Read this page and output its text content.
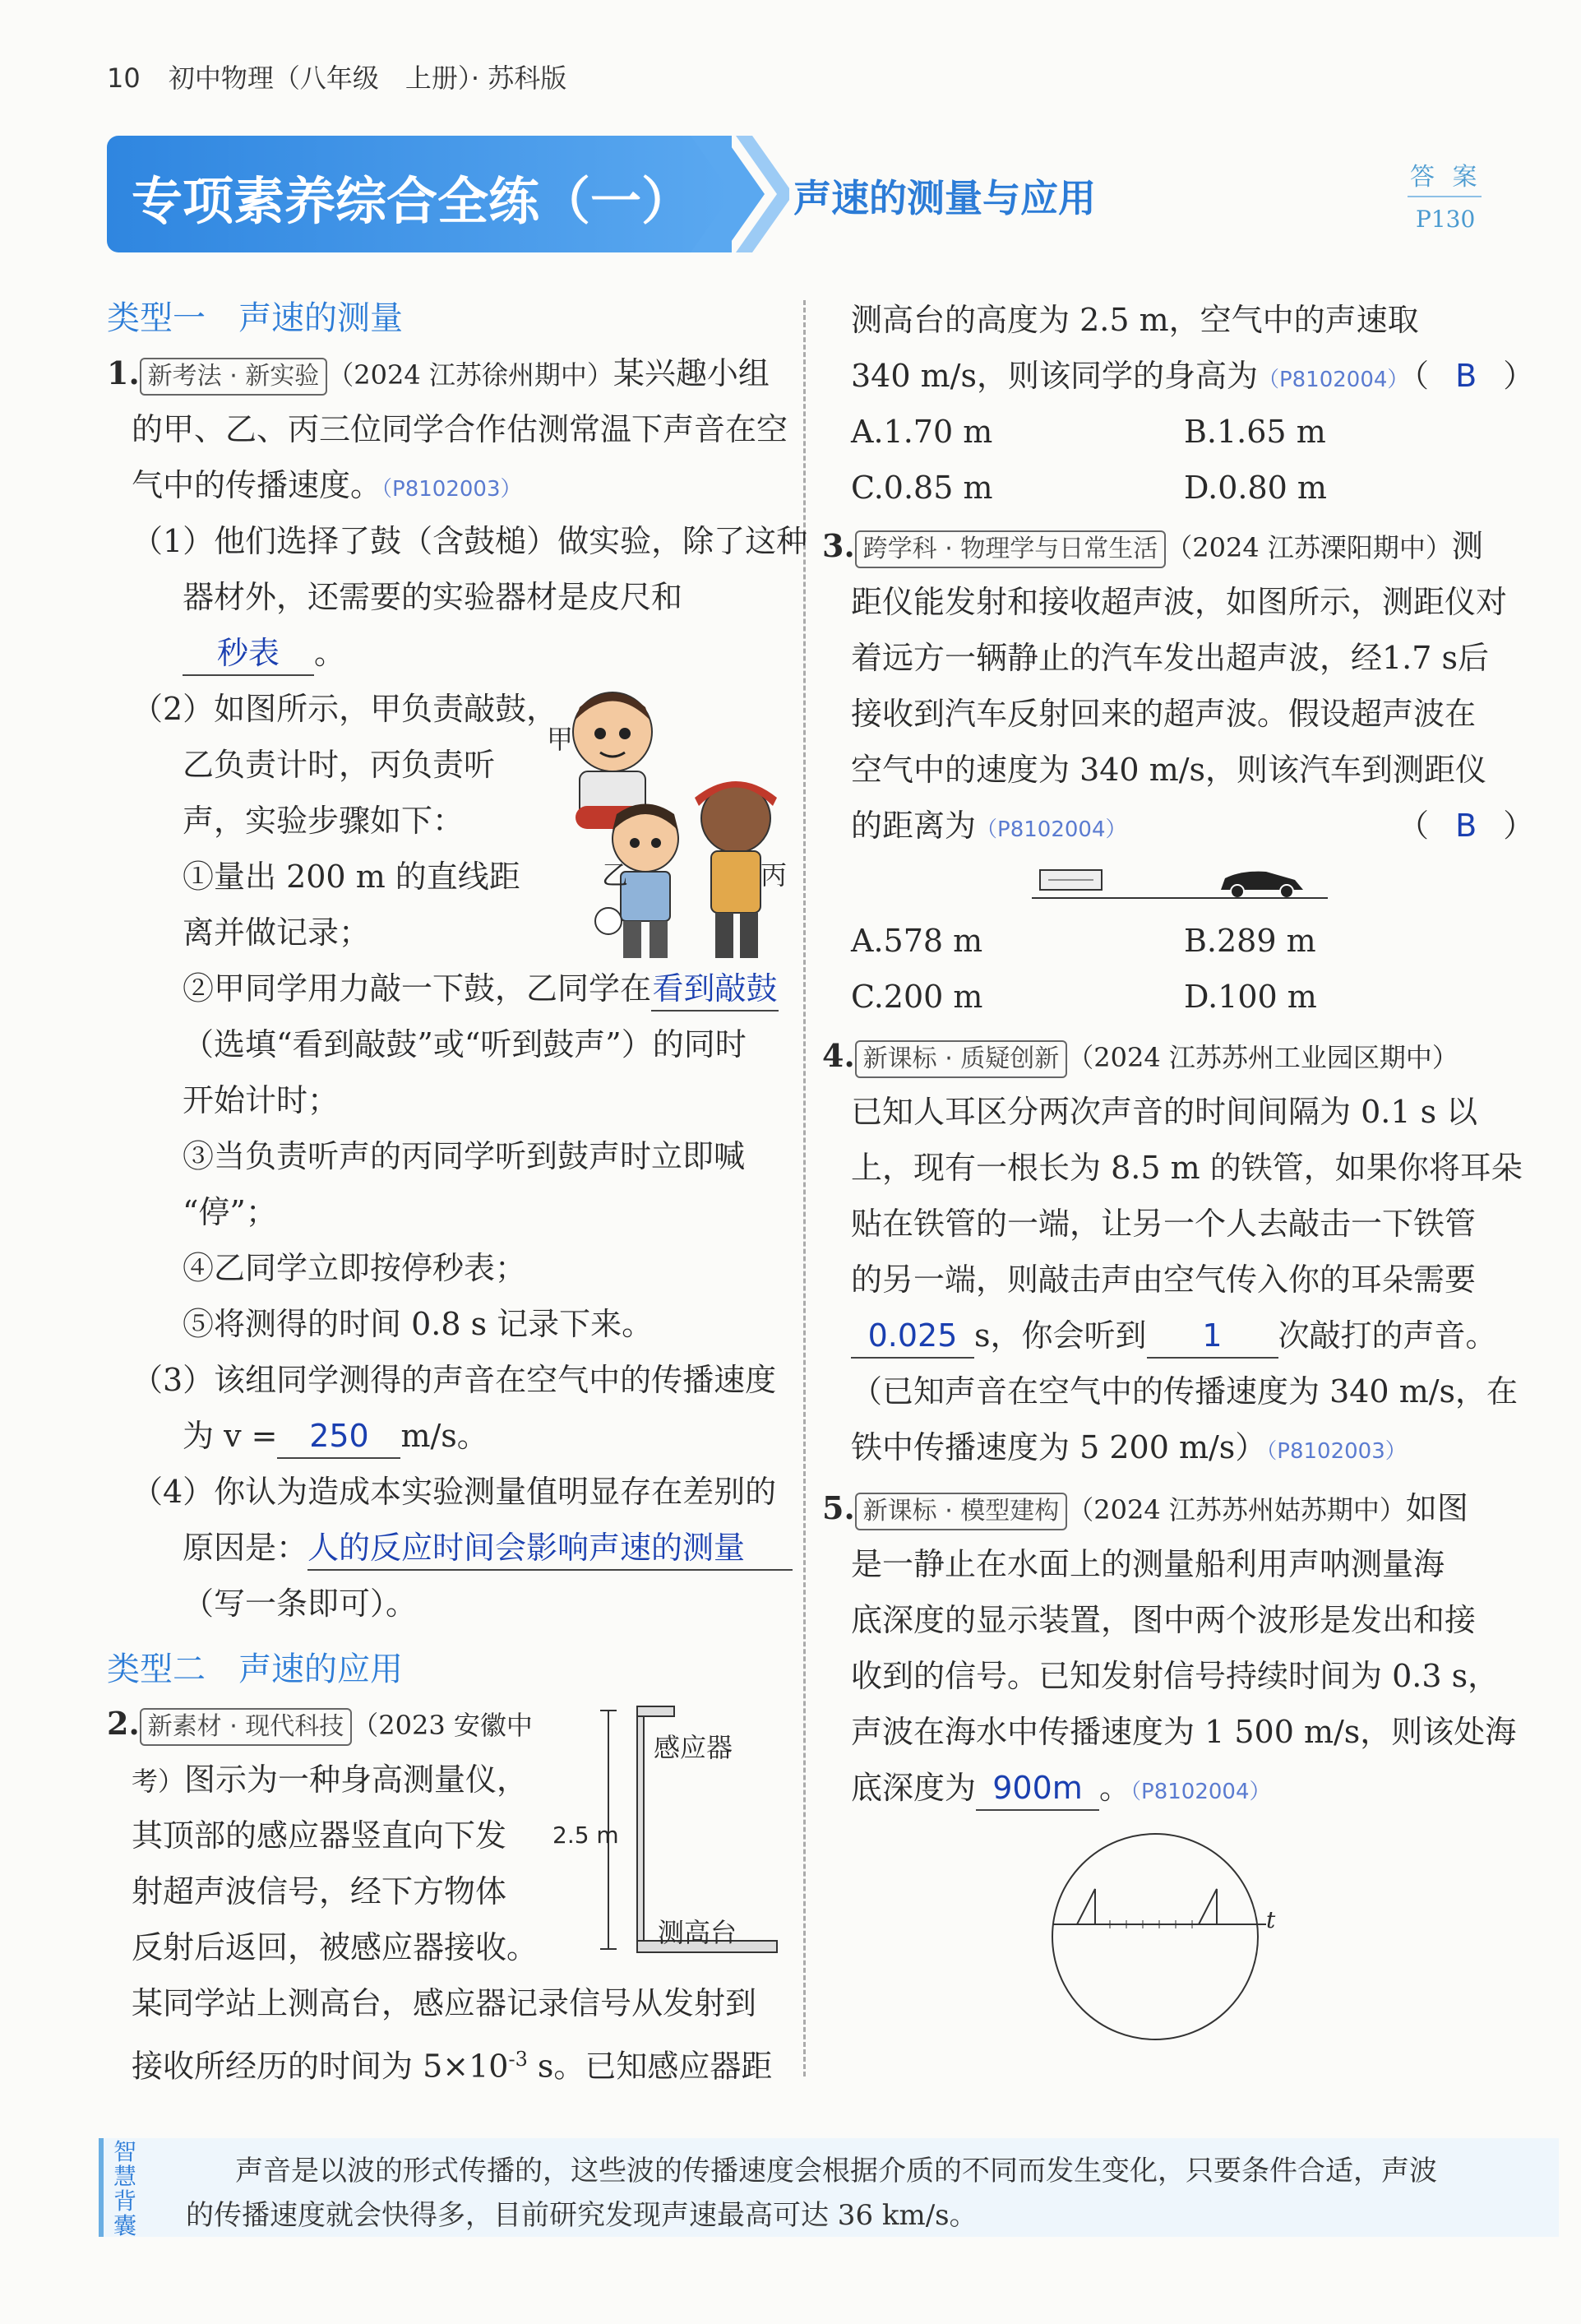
10 初中物理（八年级　上册）· 苏科版
专项素养综合全练（一）	声速的测量与应用	答 案
P130
类型一　声速的测量
1. 新考法 · 新实验 （2024 江苏徐州期中）某兴趣小组
的甲、乙、丙三位同学合作估测常温下声音在空
气中的传播速度。（P8102003）
（1）他们选择了鼓（含鼓槌）做实验，除了这种
器材外，还需要的实验器材是皮尺和
秒表 。
（2）如图所示，甲负责敲鼓，
乙负责计时，丙负责听
声，实验步骤如下：
①量出 200 m 的直线距
离并做记录；
甲
乙	丙
②甲同学用力敲一下鼓，乙同学在看到敲鼓
（选填“看到敲鼓”或“听到鼓声”）的同时
开始计时；
③当负责听声的丙同学听到鼓声时立即喊
“停”；
④乙同学立即按停秒表；
⑤将测得的时间 0.8 s 记录下来。
（3）该组同学测得的声音在空气中的传播速度
为 v = 250 m/s。
（4）你认为造成本实验测量值明显存在差别的
原因是：人的反应时间会影响声速的测量
（写一条即可）。
类型二　声速的应用
2. 新素材 · 现代科技 （2023 安徽中
考）图示为一种身高测量仪，
其顶部的感应器竖直向下发
射超声波信号，经下方物体
反射后返回，被感应器接收。
某同学站上测高台，感应器记录信号从发射到
接收所经历的时间为 $5\times 10^{-3}$ s。已知感应器距
感应器
2.5 m
测高台
测高台的高度为 2.5 m，空气中的声速取
340 m/s，则该同学的身高为（P8102004）
（ B ）
A.1.70 m	B.1.65 m
C.0.85 m	D.0.80 m
3. 跨学科 · 物理学与日常生活 （2024 江苏溧阳期中）测
距仪能发射和接收超声波，如图所示，测距仪对
着远方一辆静止的汽车发出超声波，经1.7 s后
接收到汽车反射回来的超声波。假设超声波在
空气中的速度为 340 m/s，则该汽车到测距仪
的距离为（P8102004）	（ B ）
A.578 m	B.289 m
C.200 m	D.100 m
4. 新课标 · 质疑创新 （2024 江苏苏州工业园区期中）
已知人耳区分两次声音的时间间隔为 0.1 s 以
上，现有一根长为 8.5 m 的铁管，如果你将耳朵
贴在铁管的一端，让另一个人去敲击一下铁管
的另一端，则敲击声由空气传入你的耳朵需要
0.025 s，你会听到 1 次敲打的声音。
（已知声音在空气中的传播速度为 340 m/s，在
铁中传播速度为 5 200 m/s）（P8102003）
5. 新课标 · 模型建构 （2024 江苏苏州姑苏期中）如图
是一静止在水面上的测量船利用声呐测量海
底深度的显示装置，图中两个波形是发出和接
收到的信号。已知发射信号持续时间为 0.3 s，
声波在海水中传播速度为 1 500 m/s，则该处海
底深度为 900m 。（P8102004）
t
智慧背囊
声音是以波的形式传播的，这些波的传播速度会根据介质的不同而发生变化，只要条件合适，声波
的传播速度就会快得多，目前研究发现声速最高可达 36 km/s。
